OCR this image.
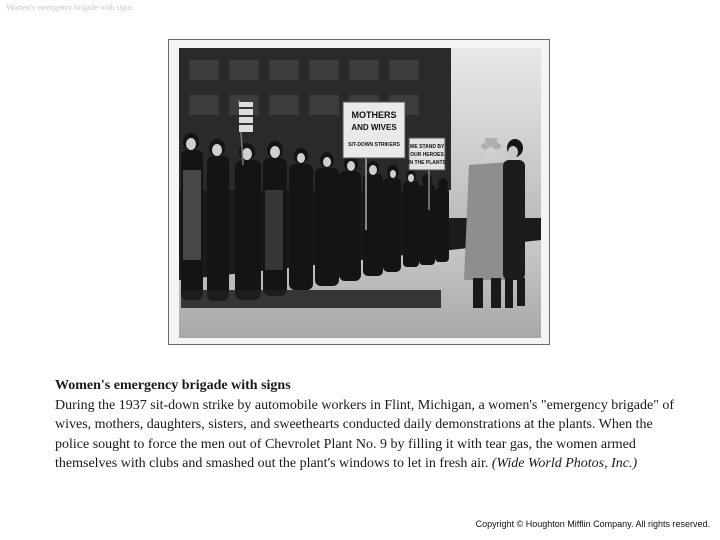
Women's emergency brigade with signs
MOTHERS
AND WIVES
SIT-DOWN STRIKERS WE STAND BY
OUR HEROES
IN THE PLANTS
Women's emergency brigade with signs
During the 1937 sit-down strike by automobile workers in Flint, Michigan, a women's "emergency brigade" of wives, mothers, daughters, sisters, and sweethearts conducted daily demonstrations at the plants. When the police sought to force the men out of Chevrolet Plant No. 9 by filling it with tear gas, the women armed themselves with clubs and smashed out the plant's windows to let in fresh air. (Wide World Photos, Inc.)
Copyright © Houghton Mifflin Company. All rights reserved.
